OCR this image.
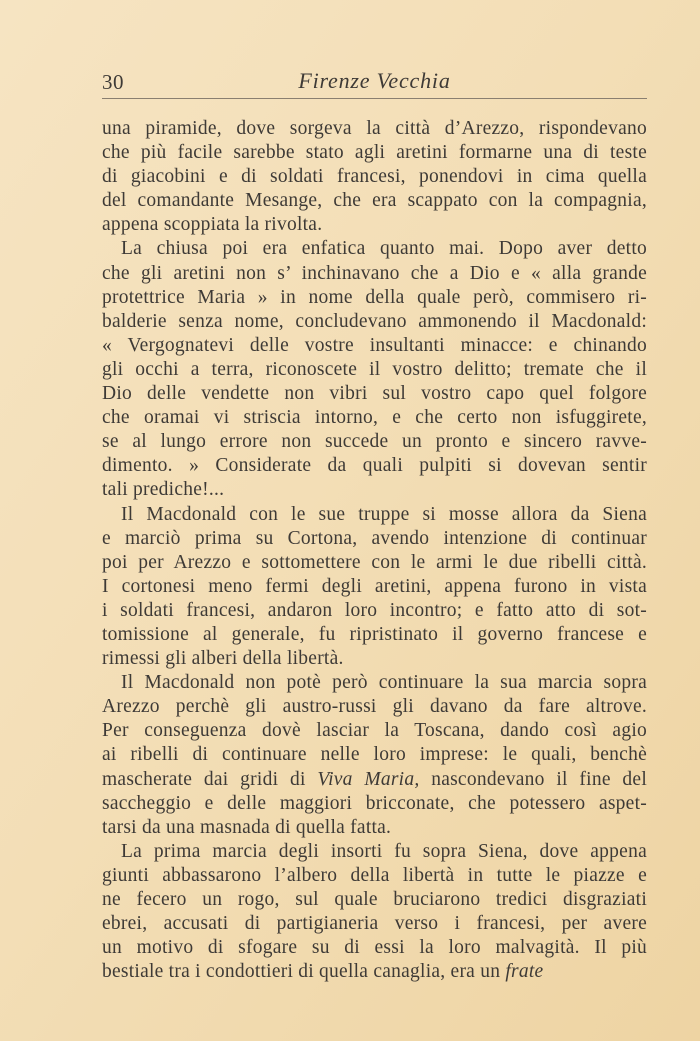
30	Firenze Vecchia
una piramide, dove sorgeva la città d’Arezzo, rispondevano
che più facile sarebbe stato agli aretini formarne una di teste
di giacobini e di soldati francesi, ponendovi in cima quella
del comandante Mesange, che era scappato con la compagnia,
appena scoppiata la rivolta.
La chiusa poi era enfatica quanto mai. Dopo aver detto
che gli aretini non s’ inchinavano che a Dio e « alla grande
protettrice Maria » in nome della quale però, commisero ri-
balderie senza nome, concludevano ammonendo il Macdonald:
« Vergognatevi delle vostre insultanti minacce: e chinando
gli occhi a terra, riconoscete il vostro delitto; tremate che il
Dio delle vendette non vibri sul vostro capo quel folgore
che oramai vi striscia intorno, e che certo non isfuggirete,
se al lungo errore non succede un pronto e sincero ravve-
dimento. » Considerate da quali pulpiti si dovevan sentir
tali prediche!...
Il Macdonald con le sue truppe si mosse allora da Siena
e marciò prima su Cortona, avendo intenzione di continuar
poi per Arezzo e sottomettere con le armi le due ribelli città.
I cortonesi meno fermi degli aretini, appena furono in vista
i soldati francesi, andaron loro incontro; e fatto atto di sot-
tomissione al generale, fu ripristinato il governo francese e
rimessi gli alberi della libertà.
Il Macdonald non potè però continuare la sua marcia sopra
Arezzo perchè gli austro-russi gli davano da fare altrove.
Per conseguenza dovè lasciar la Toscana, dando così agio
ai ribelli di continuare nelle loro imprese: le quali, benchè
mascherate dai gridi di Viva Maria, nascondevano il fine del
saccheggio e delle maggiori bricconate, che potessero aspet-
tarsi da una masnada di quella fatta.
La prima marcia degli insorti fu sopra Siena, dove appena
giunti abbassarono l’albero della libertà in tutte le piazze e
ne fecero un rogo, sul quale bruciarono tredici disgraziati
ebrei, accusati di partigianeria verso i francesi, per avere
un motivo di sfogare su di essi la loro malvagità. Il più
bestiale tra i condottieri di quella canaglia, era un frate
